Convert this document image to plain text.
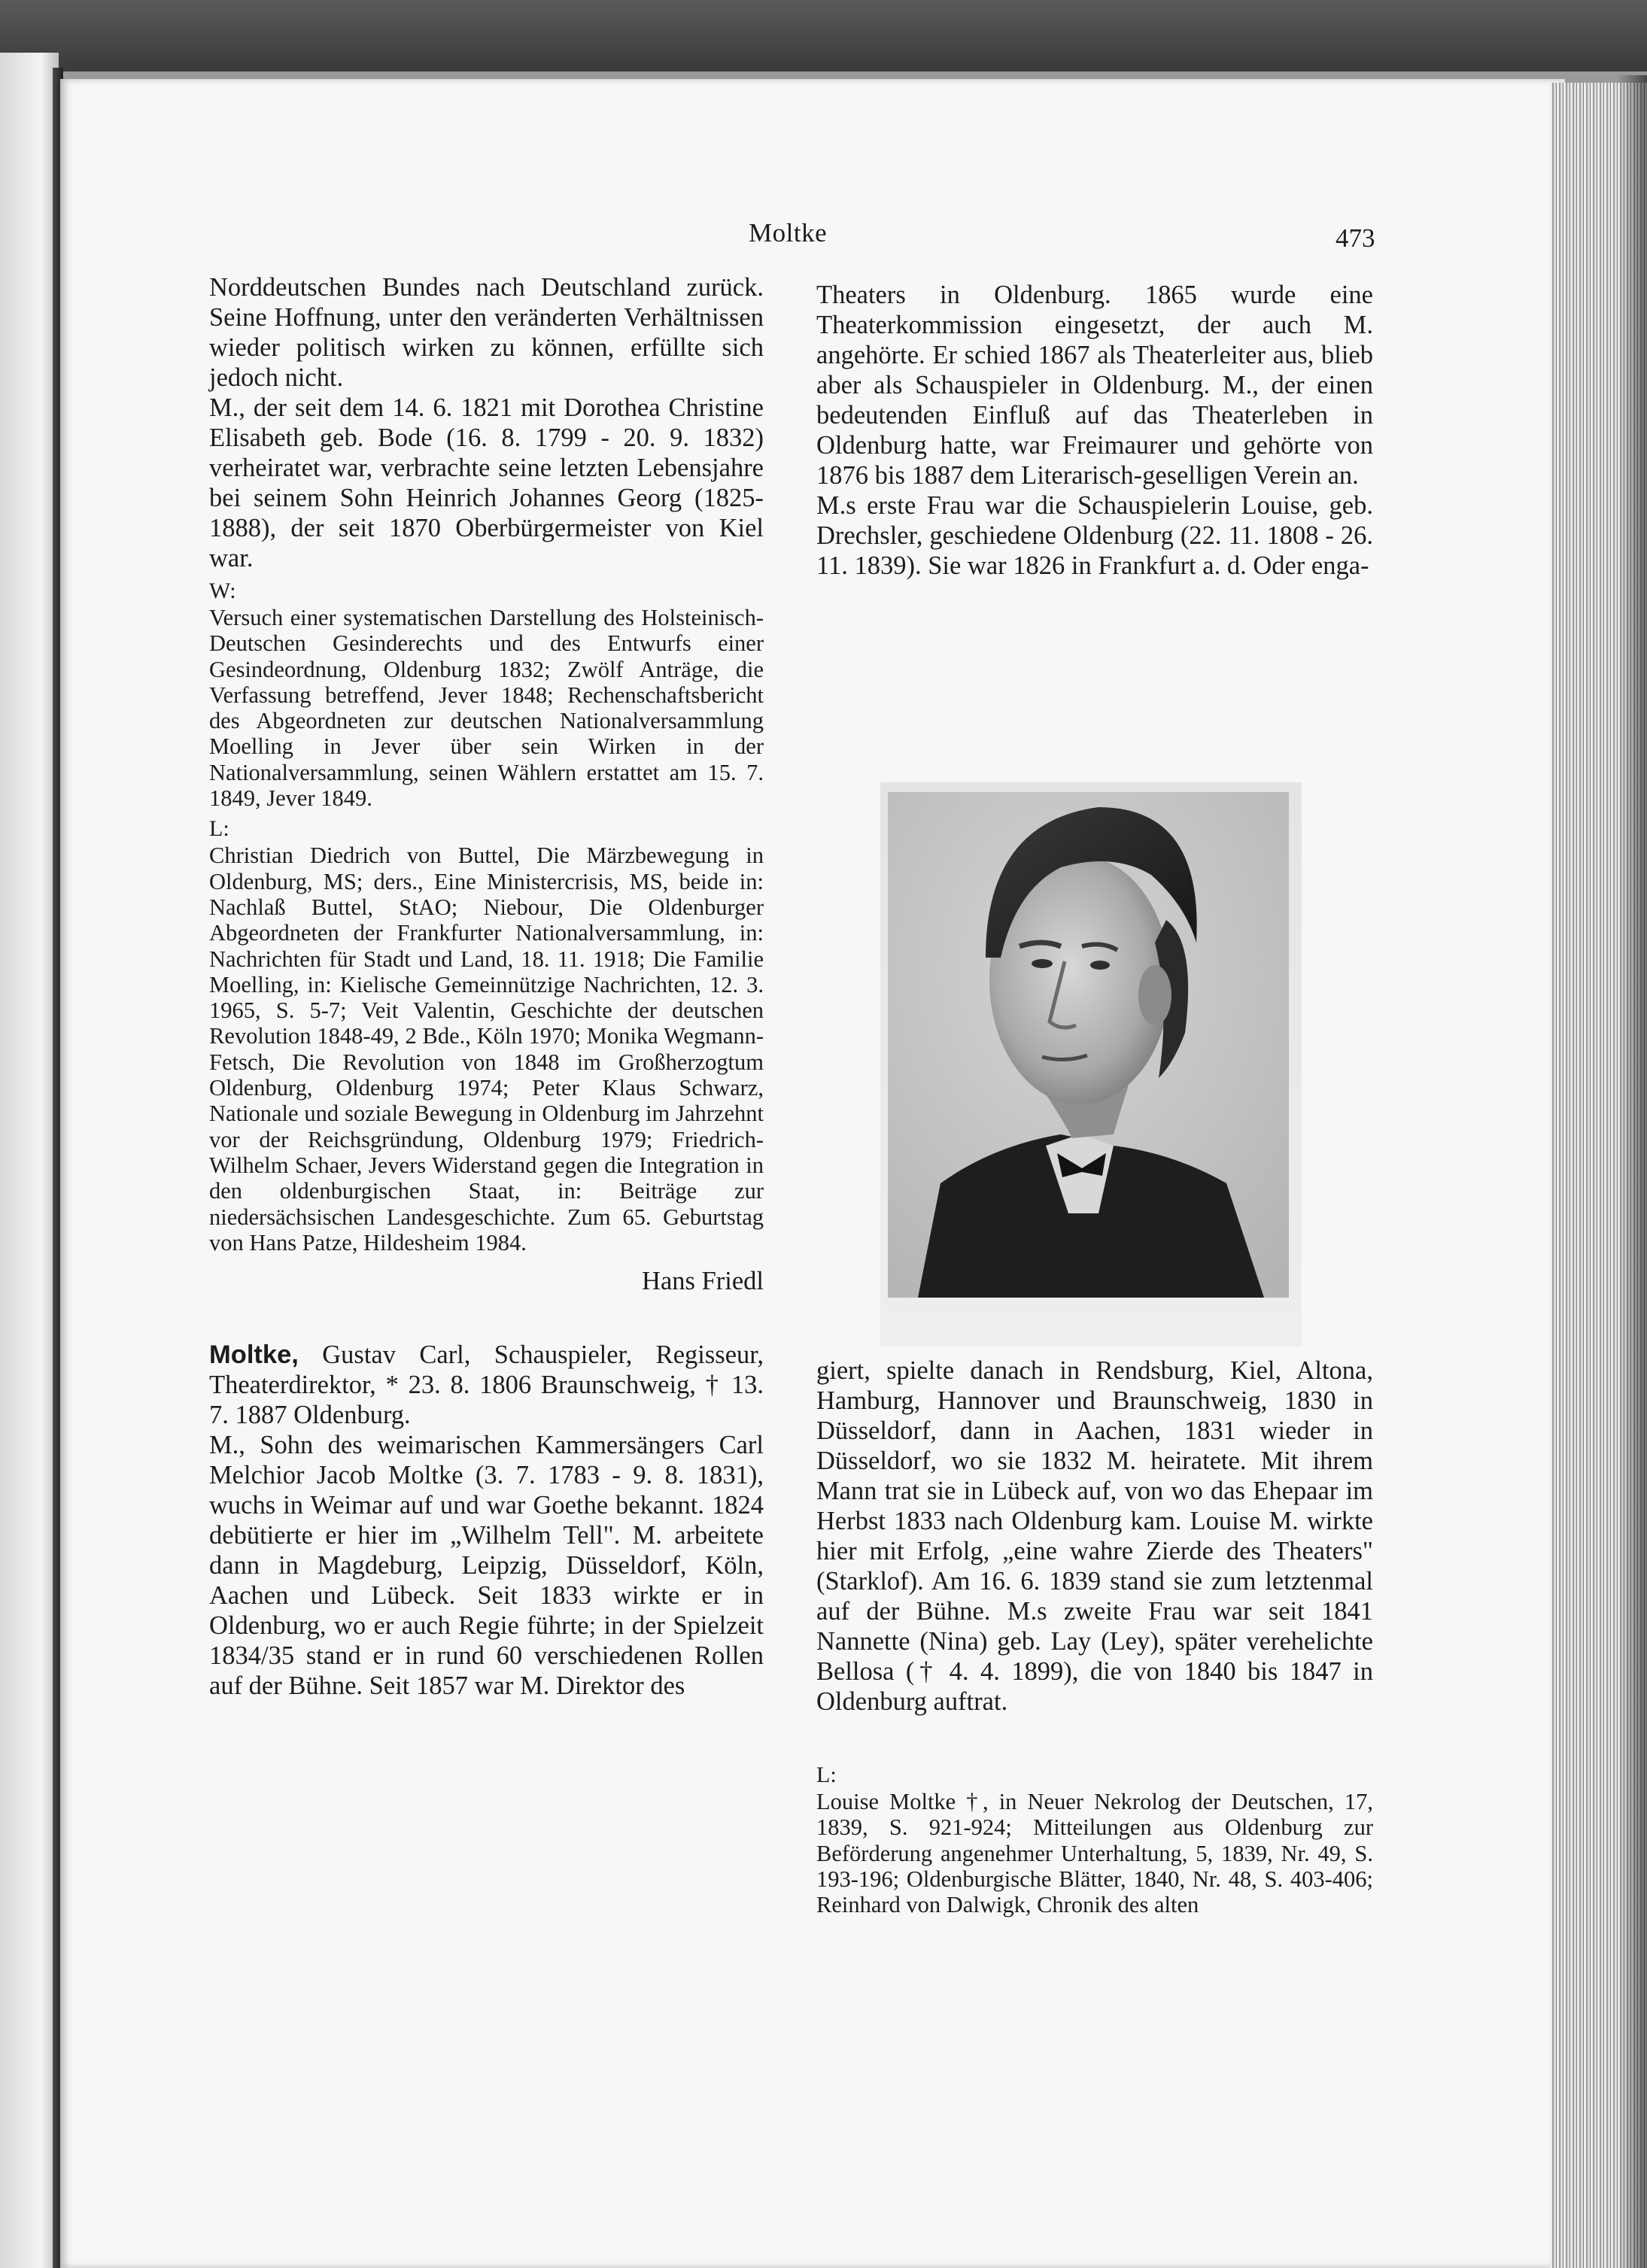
Moltke	473

Norddeutschen Bundes nach Deutschland zurück. Seine Hoffnung, unter den veränderten Verhältnissen wieder politisch wirken zu können, erfüllte sich jedoch nicht.

M., der seit dem 14. 6. 1821 mit Dorothea Christine Elisabeth geb. Bode (16. 8. 1799 - 20. 9. 1832) verheiratet war, verbrachte seine letzten Lebensjahre bei seinem Sohn Heinrich Johannes Georg (1825-1888), der seit 1870 Oberbürgermeister von Kiel war.

W:

Versuch einer systematischen Darstellung des Holsteinisch-Deutschen Gesinderechts und des Entwurfs einer Gesindeordnung, Oldenburg 1832; Zwölf Anträge, die Verfassung betreffend, Jever 1848; Rechenschaftsbericht des Abgeordneten zur deutschen Nationalversammlung Moelling in Jever über sein Wirken in der Nationalversammlung, seinen Wählern erstattet am 15. 7. 1849, Jever 1849.

L:

Christian Diedrich von Buttel, Die Märzbewegung in Oldenburg, MS; ders., Eine Ministercrisis, MS, beide in: Nachlaß Buttel, StAO; Niebour, Die Oldenburger Abgeordneten der Frankfurter Nationalversammlung, in: Nachrichten für Stadt und Land, 18. 11. 1918; Die Familie Moelling, in: Kielische Gemeinnützige Nachrichten, 12. 3. 1965, S. 5-7; Veit Valentin, Geschichte der deutschen Revolution 1848-49, 2 Bde., Köln 1970; Monika Wegmann-Fetsch, Die Revolution von 1848 im Großherzogtum Oldenburg, Oldenburg 1974; Peter Klaus Schwarz, Nationale und soziale Bewegung in Oldenburg im Jahrzehnt vor der Reichsgründung, Oldenburg 1979; Friedrich-Wilhelm Schaer, Jevers Widerstand gegen die Integration in den oldenburgischen Staat, in: Beiträge zur niedersächsischen Landesgeschichte. Zum 65. Geburtstag von Hans Patze, Hildesheim 1984.

Hans Friedl

Moltke, Gustav Carl, Schauspieler, Regisseur, Theaterdirektor, * 23. 8. 1806 Braunschweig, † 13. 7. 1887 Oldenburg.

M., Sohn des weimarischen Kammersängers Carl Melchior Jacob Moltke (3. 7. 1783 - 9. 8. 1831), wuchs in Weimar auf und war Goethe bekannt. 1824 debütierte er hier im „Wilhelm Tell". M. arbeitete dann in Magdeburg, Leipzig, Düsseldorf, Köln, Aachen und Lübeck. Seit 1833 wirkte er in Oldenburg, wo er auch Regie führte; in der Spielzeit 1834/35 stand er in rund 60 verschiedenen Rollen auf der Bühne. Seit 1857 war M. Direktor des

Theaters in Oldenburg. 1865 wurde eine Theaterkommission eingesetzt, der auch M. angehörte. Er schied 1867 als Theaterleiter aus, blieb aber als Schauspieler in Oldenburg. M., der einen bedeutenden Einfluß auf das Theaterleben in Oldenburg hatte, war Freimaurer und gehörte von 1876 bis 1887 dem Literarisch-geselligen Verein an.

M.s erste Frau war die Schauspielerin Louise, geb. Drechsler, geschiedene Oldenburg (22. 11. 1808 - 26. 11. 1839). Sie war 1826 in Frankfurt a. d. Oder enga-

giert, spielte danach in Rendsburg, Kiel, Altona, Hamburg, Hannover und Braunschweig, 1830 in Düsseldorf, dann in Aachen, 1831 wieder in Düsseldorf, wo sie 1832 M. heiratete. Mit ihrem Mann trat sie in Lübeck auf, von wo das Ehepaar im Herbst 1833 nach Oldenburg kam. Louise M. wirkte hier mit Erfolg, „eine wahre Zierde des Theaters" (Starklof). Am 16. 6. 1839 stand sie zum letztenmal auf der Bühne. M.s zweite Frau war seit 1841 Nannette (Nina) geb. Lay (Ley), später verehelichte Bellosa († 4. 4. 1899), die von 1840 bis 1847 in Oldenburg auftrat.

L:

Louise Moltke †, in Neuer Nekrolog der Deutschen, 17, 1839, S. 921-924; Mitteilungen aus Oldenburg zur Beförderung angenehmer Unterhaltung, 5, 1839, Nr. 49, S. 193-196; Oldenburgische Blätter, 1840, Nr. 48, S. 403-406; Reinhard von Dalwigk, Chronik des alten
